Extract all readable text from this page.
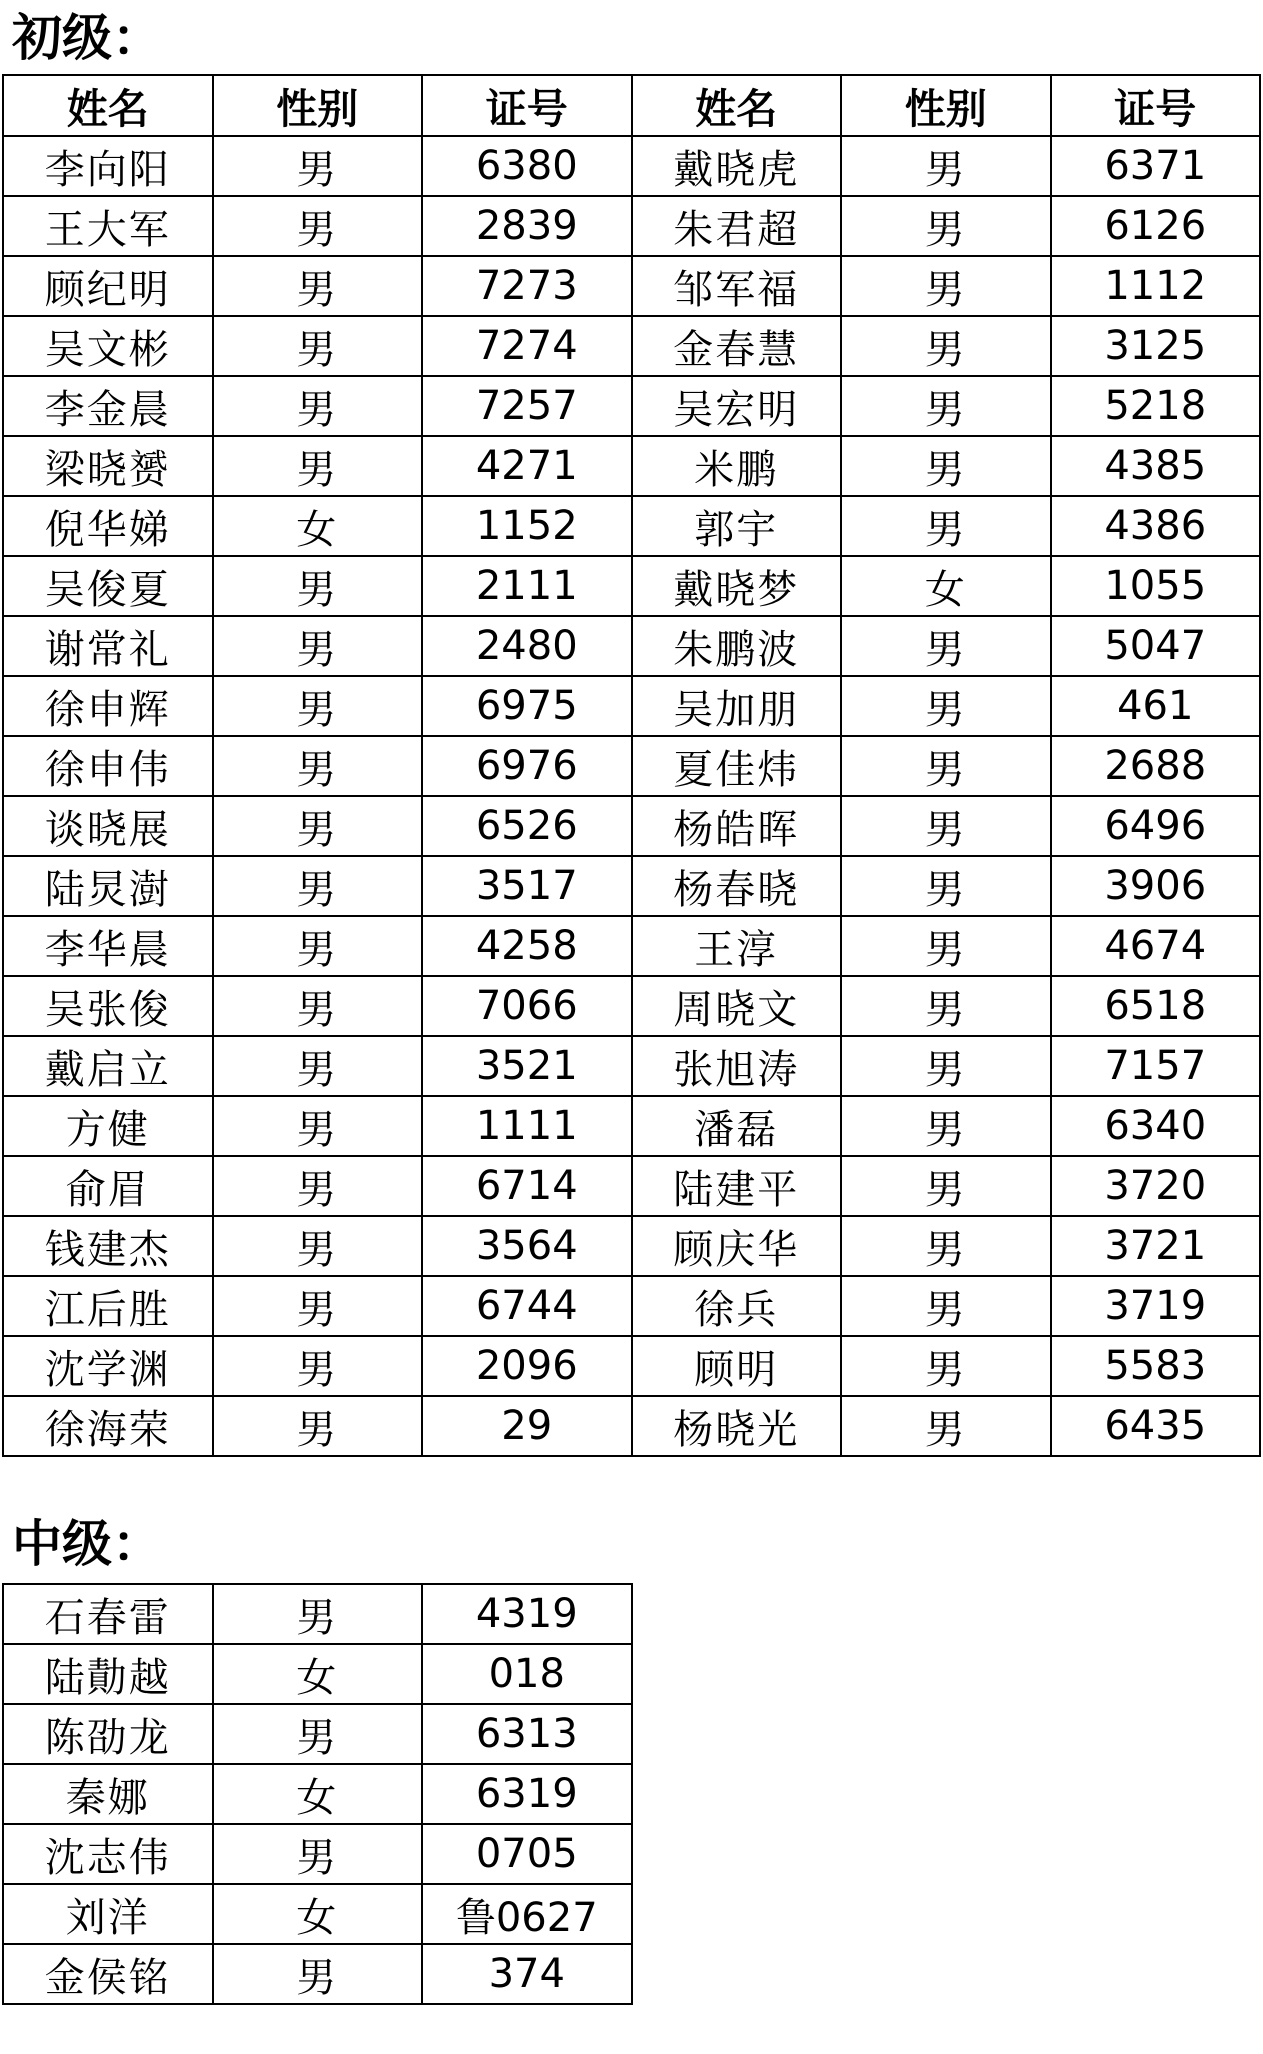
初级：
姓名	性别	证号	姓名	性别	证号
李向阳	男	6380	戴晓虎	男	6371
王大军	男	2839	朱君超	男	6126
顾纪明	男	7273	邹军福	男	1112
吴文彬	男	7274	金春慧	男	3125
李金晨	男	7257	吴宏明	男	5218
梁晓赟	男	4271	米鹏	男	4385
倪华娣	女	1152	郭宇	男	4386
吴俊夏	男	2111	戴晓梦	女	1055
谢常礼	男	2480	朱鹏波	男	5047
徐申辉	男	6975	吴加朋	男	461
徐申伟	男	6976	夏佳炜	男	2688
谈晓展	男	6526	杨皓晖	男	6496
陆炅澍	男	3517	杨春晓	男	3906
李华晨	男	4258	王淳	男	4674
吴张俊	男	7066	周晓文	男	6518
戴启立	男	3521	张旭涛	男	7157
方健	男	1111	潘磊	男	6340
俞眉	男	6714	陆建平	男	3720
钱建杰	男	3564	顾庆华	男	3721
江后胜	男	6744	徐兵	男	3719
沈学渊	男	2096	顾明	男	5583
徐海荣	男	29	杨晓光	男	6435
中级：
石春雷	男	4319
陆勣越	女	018
陈劭龙	男	6313
秦娜	女	6319
沈志伟	男	0705
刘洋	女	鲁0627
金侯铭	男	374
